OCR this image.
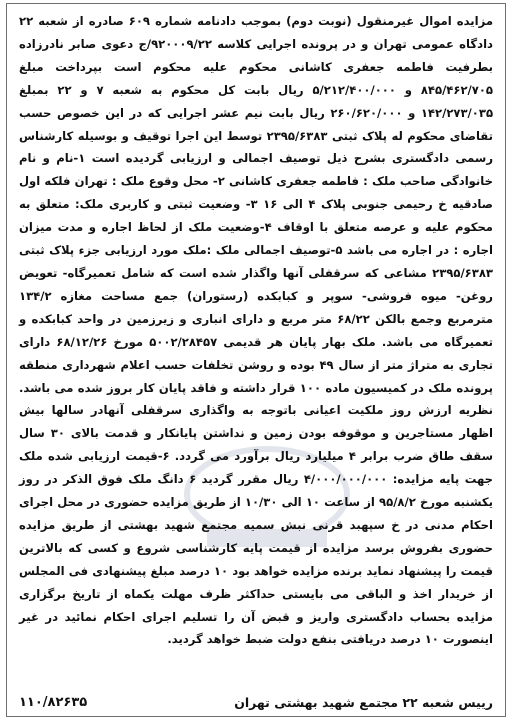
مزایده اموال غیرمنقول (نوبت دوم) بموجب دادنامه شماره ۶۰۹ صادره از شعبه ۲۲ دادگاه عمومی تهران و در پرونده اجرایی کلاسه ۹۲۰۰۰۹/۲۲/ج دعوی صابر نادرزاده بطرفیت فاطمه جعفری کاشانی محکوم علیه محکوم است بپرداخت مبلغ ۸۴۵/۴۶۲/۷۰۵ و ۵/۲۱۲/۴۰۰/۰۰۰ ریال بابت کل محکوم به شعبه ۷ و ۲۲ بمبلغ ۱۴۲/۲۷۳/۰۳۵ و ۲۶۰/۶۲۰/۰۰۰ ریال بابت نیم عشر اجرایی که در این خصوص حسب تقاضای محکوم له پلاک ثبتی ۲۳۹۵/۶۳۸۳ توسط این اجرا توقیف و بوسیله کارشناس رسمی دادگستری بشرح ذیل توصیف اجمالی و ارزیابی گردیده است ۱-نام و نام خانوادگی صاحب ملک : فاطمه جعفری کاشانی ۲- محل وقوع ملک : تهران فلکه اول صادقیه خ رحیمی جنوبی پلاک ۴ الی ۱۶ ۳- وضعیت ثبتی و کاربری ملک: متعلق به محکوم علیه و عرصه متعلق با اوقاف ۴-وضعیت ملک از لحاظ اجاره و مدت میزان اجاره : در اجاره می باشد ۵-توصیف اجمالی ملک :ملک مورد ارزیابی جزء پلاک ثبتی ۲۳۹۵/۶۳۸۳ مشاعی که سرقفلی آنها واگذار شده است که شامل تعمیرگاه- تعویض روغن- میوه فروشی- سوپر و کبابکده (رستوران) جمع مساحت مغازه ۱۳۴/۲ مترمربع وجمع بالکن ۶۸/۲۲ متر مربع و دارای انباری و زیرزمین در واحد کبابکده و تعمیرگاه می باشد. ملک بهار پایان هر قدیمی ۵۰۰۲/۲۸۴۵۷ مورخ ۶۸/۱۲/۲۶ دارای تجاری به متراژ متر از سال ۴۹ بوده و روشن تخلفات حسب اعلام شهرداری منطقه پرونده ملک در کمیسیون ماده ۱۰۰ قرار داشته و فاقد پایان کار بروز شده می باشد. نظریه ارزش روز ملکیت اعیانی باتوجه به واگذاری سرقفلی آنهادر سالها بیش اظهار مستاجرین و موقوفه بودن زمین و نداشتن پایانکار و قدمت بالای ۳۰ سال سقف طاق ضرب برابر ۴ میلیارد ریال برآورد می گردد. ۶-قیمت ارزیابی شده ملک جهت پایه مزایده: ۴/۰۰۰/۰۰۰/۰۰۰ ریال مقرر گردید ۶ دانگ ملک فوق الذکر در روز یکشنبه مورخ ۹۵/۸/۲ از ساعت ۱۰ الی ۱۰/۳۰ از طریق مزایده حضوری در محل اجرای احکام مدنی در خ سپهبد قرنی نبش سمیه مجتمع شهید بهشتی از طریق مزایده حضوری بفروش برسد مزایده از قیمت پایه کارشناسی شروع و کسی که بالاترین قیمت را پیشنهاد نماید برنده مزایده خواهد بود ۱۰ درصد مبلغ پیشنهادی فی المجلس از خریدار اخذ و الباقی می بایستی حداکثر ظرف مهلت یکماه از تاریخ برگزاری مزایده بحساب دادگستری واریز و قبض آن را تسلیم اجرای احکام نمائید در غیر اینصورت ۱۰ درصد دریافتی بنفع دولت ضبط خواهد گردید.
رییس شعبه ۲۲ مجتمع شهید بهشتی تهران
۱۱۰/۸۲۶۳۵
